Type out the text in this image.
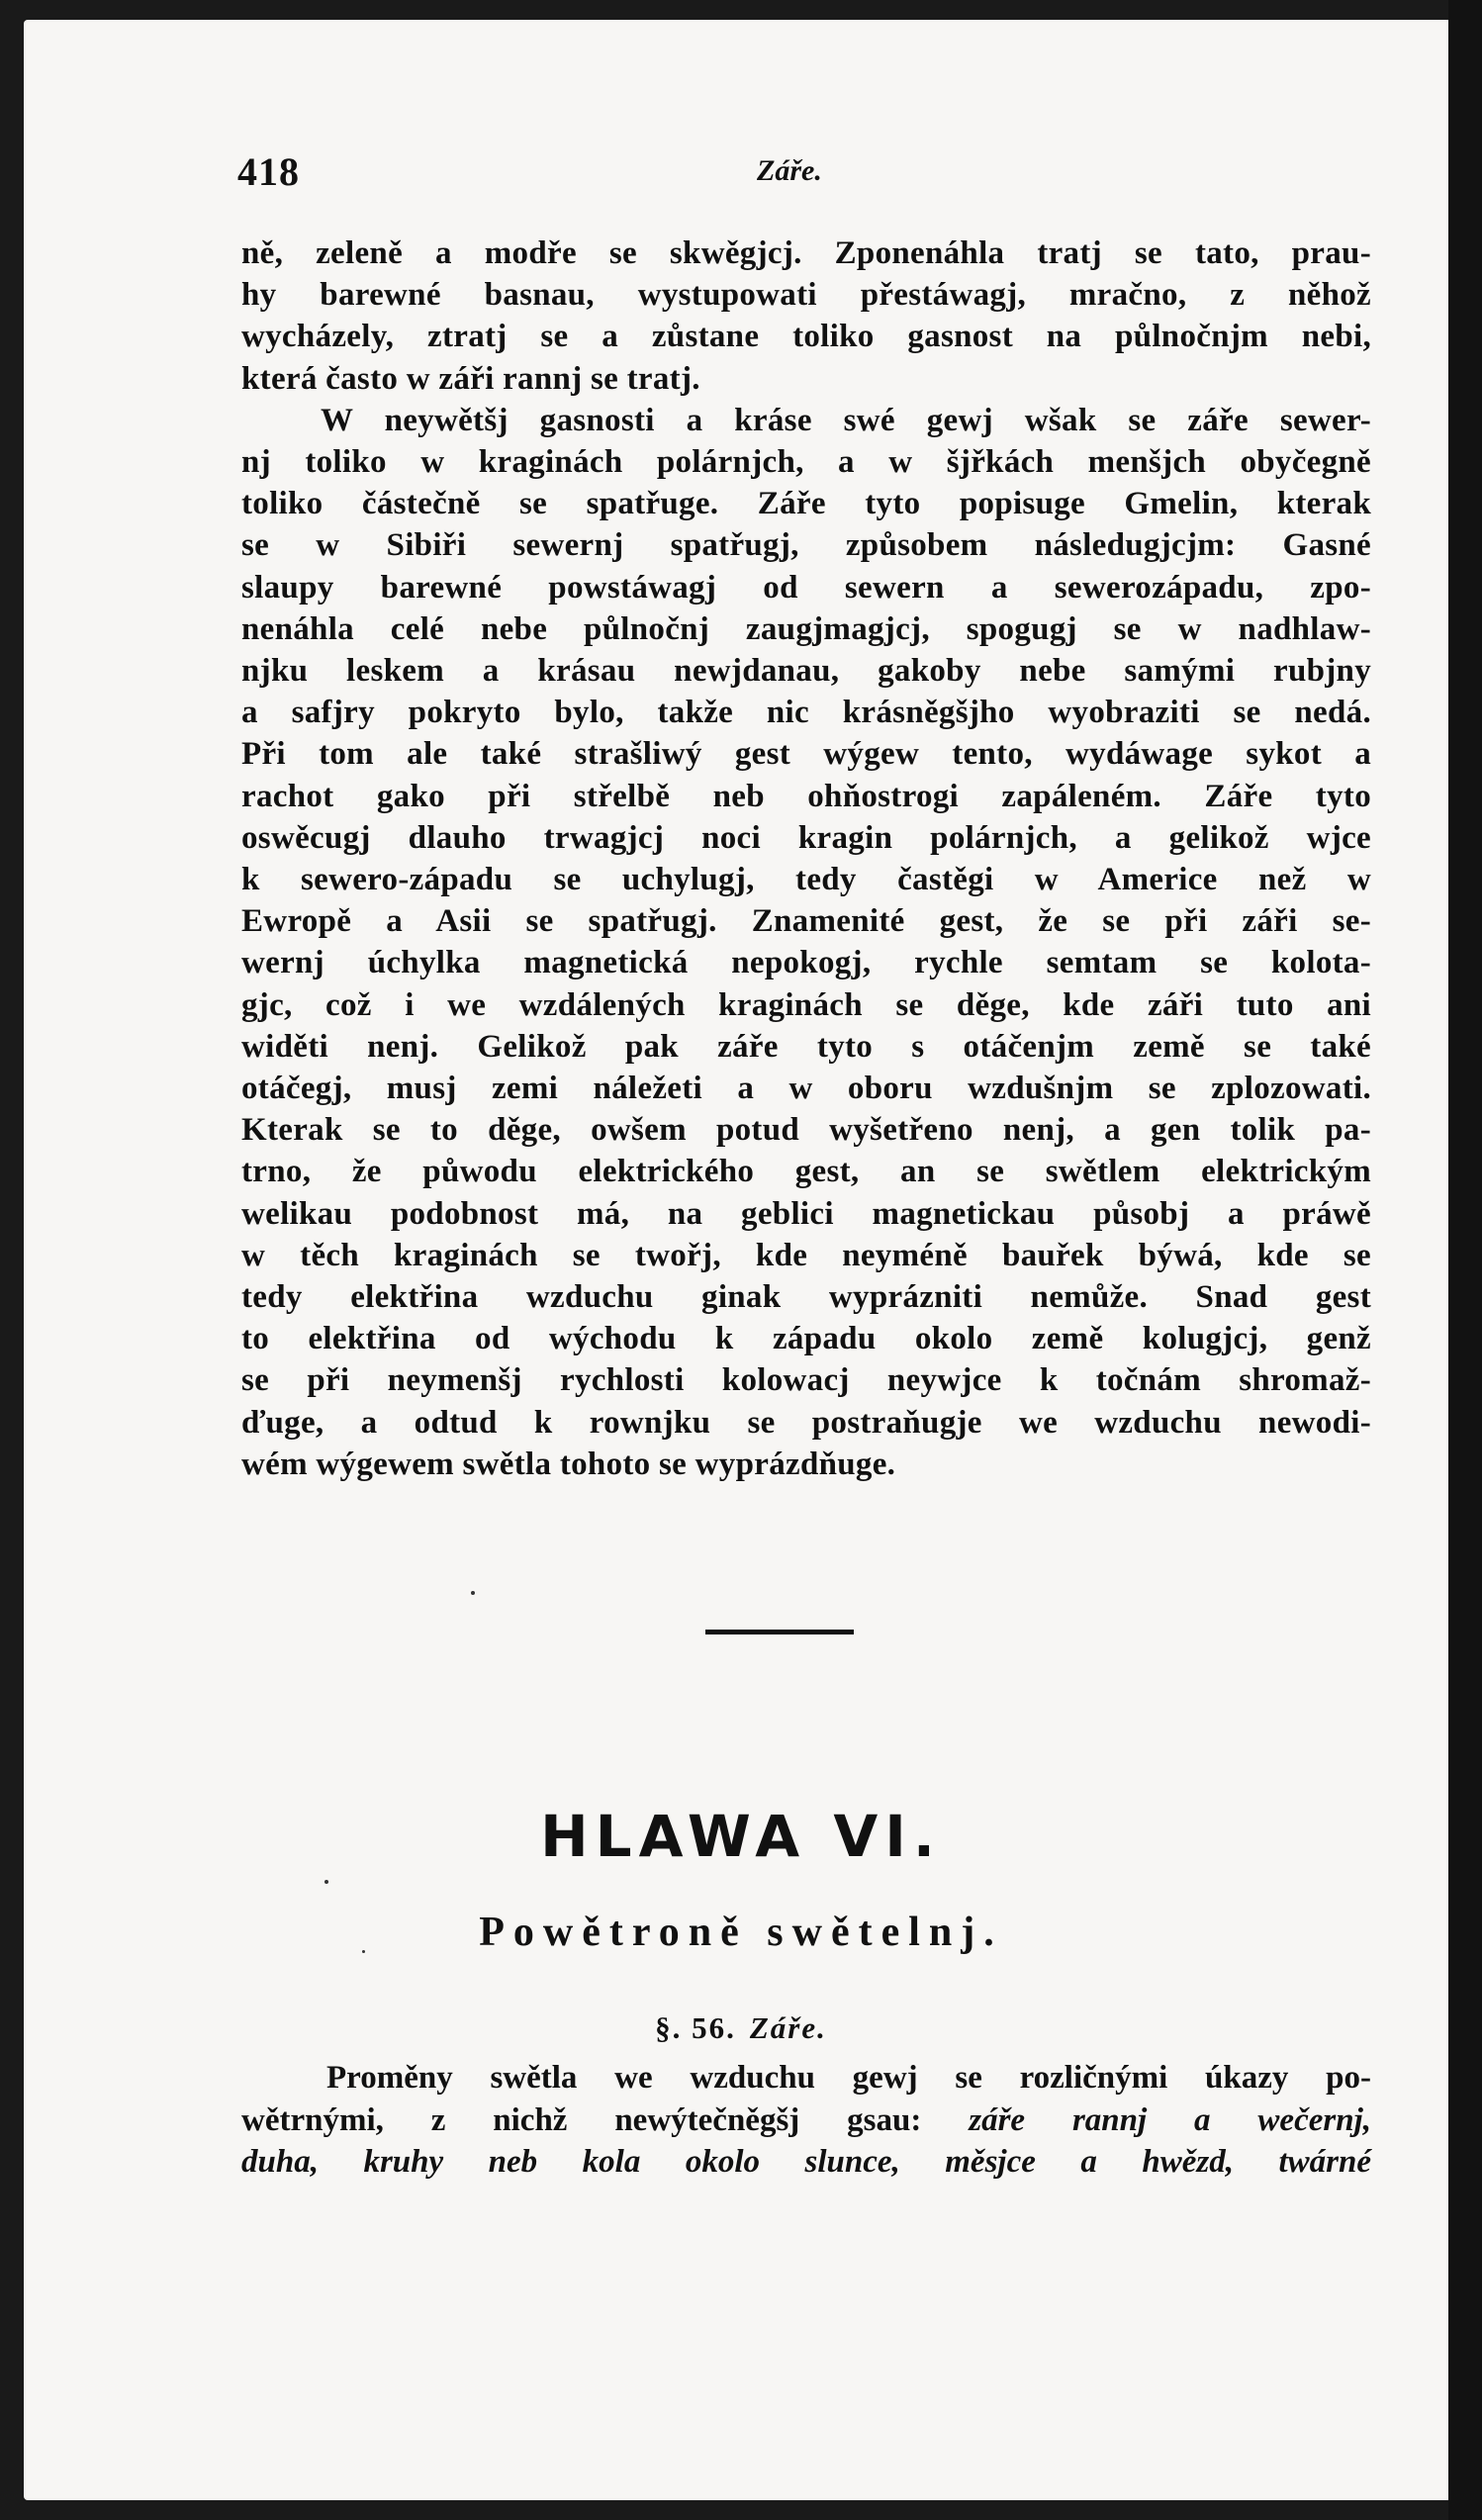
418	Záře.
ně, zeleně a modře se skwěgjcj. Zponenáhla tratj se tato, prau-
hy barewné basnau, wystupowati přestáwagj, mračno, z něhož
wycházely, ztratj se a zůstane toliko gasnost na půlnočnjm nebi,
která často w záři rannj se tratj.
W neywětšj gasnosti a kráse swé gewj wšak se záře sewer-
nj toliko w kraginách polárnjch, a w šjřkách menšjch obyčegně
toliko částečně se spatřuge. Záře tyto popisuge Gmelin, kterak
se w Sibiři sewernj spatřugj, způsobem následugjcjm: Gasné
slaupy barewné powstáwagj od sewern a sewerozápadu, zpo-
nenáhla celé nebe půlnočnj zaugjmagjcj, spogugj se w nadhlaw-
njku leskem a krásau newjdanau, gakoby nebe samými rubjny
a safjry pokryto bylo, takže nic krásněgšjho wyobraziti se nedá.
Při tom ale také strašliwý gest wýgew tento, wydáwage sykot a
rachot gako při střelbě neb ohňostrogi zapáleném. Záře tyto
oswěcugj dlauho trwagjcj noci kragin polárnjch, a gelikož wjce
k sewero-západu se uchylugj, tedy častěgi w Americe než w
Ewropě a Asii se spatřugj. Znamenité gest, že se při záři se-
wernj úchylka magnetická nepokogj, rychle semtam se kolota-
gjc, což i we wzdálených kraginách se děge, kde záři tuto ani
widěti nenj. Gelikož pak záře tyto s otáčenjm země se také
otáčegj, musj zemi náležeti a w oboru wzdušnjm se zplozowati.
Kterak se to děge, owšem potud wyšetřeno nenj, a gen tolik pa-
trno, že půwodu elektrického gest, an se swětlem elektrickým
welikau podobnost má, na geblici magnetickau působj a práwě
w těch kraginách se twořj, kde neyméně bauřek býwá, kde se
tedy elektřina wzduchu ginak wyprázniti nemůže. Snad gest
to elektřina od wýchodu k západu okolo země kolugjcj, genž
se při neymenšj rychlosti kolowacj neywjce k točnám shromaž-
ďuge, a odtud k rownjku se postraňugje we wzduchu newodi-
wém wýgewem swětla tohoto se wyprázdňuge.
HLAWA VI.
Powětroně swětelnj.
§. 56. Záře.
Proměny swětla we wzduchu gewj se rozličnými úkazy po-
wětrnými, z nichž newýtečněgšj gsau: záře rannj a wečernj,
duha, kruhy neb kola okolo slunce, měsjce a hwězd, twárné
